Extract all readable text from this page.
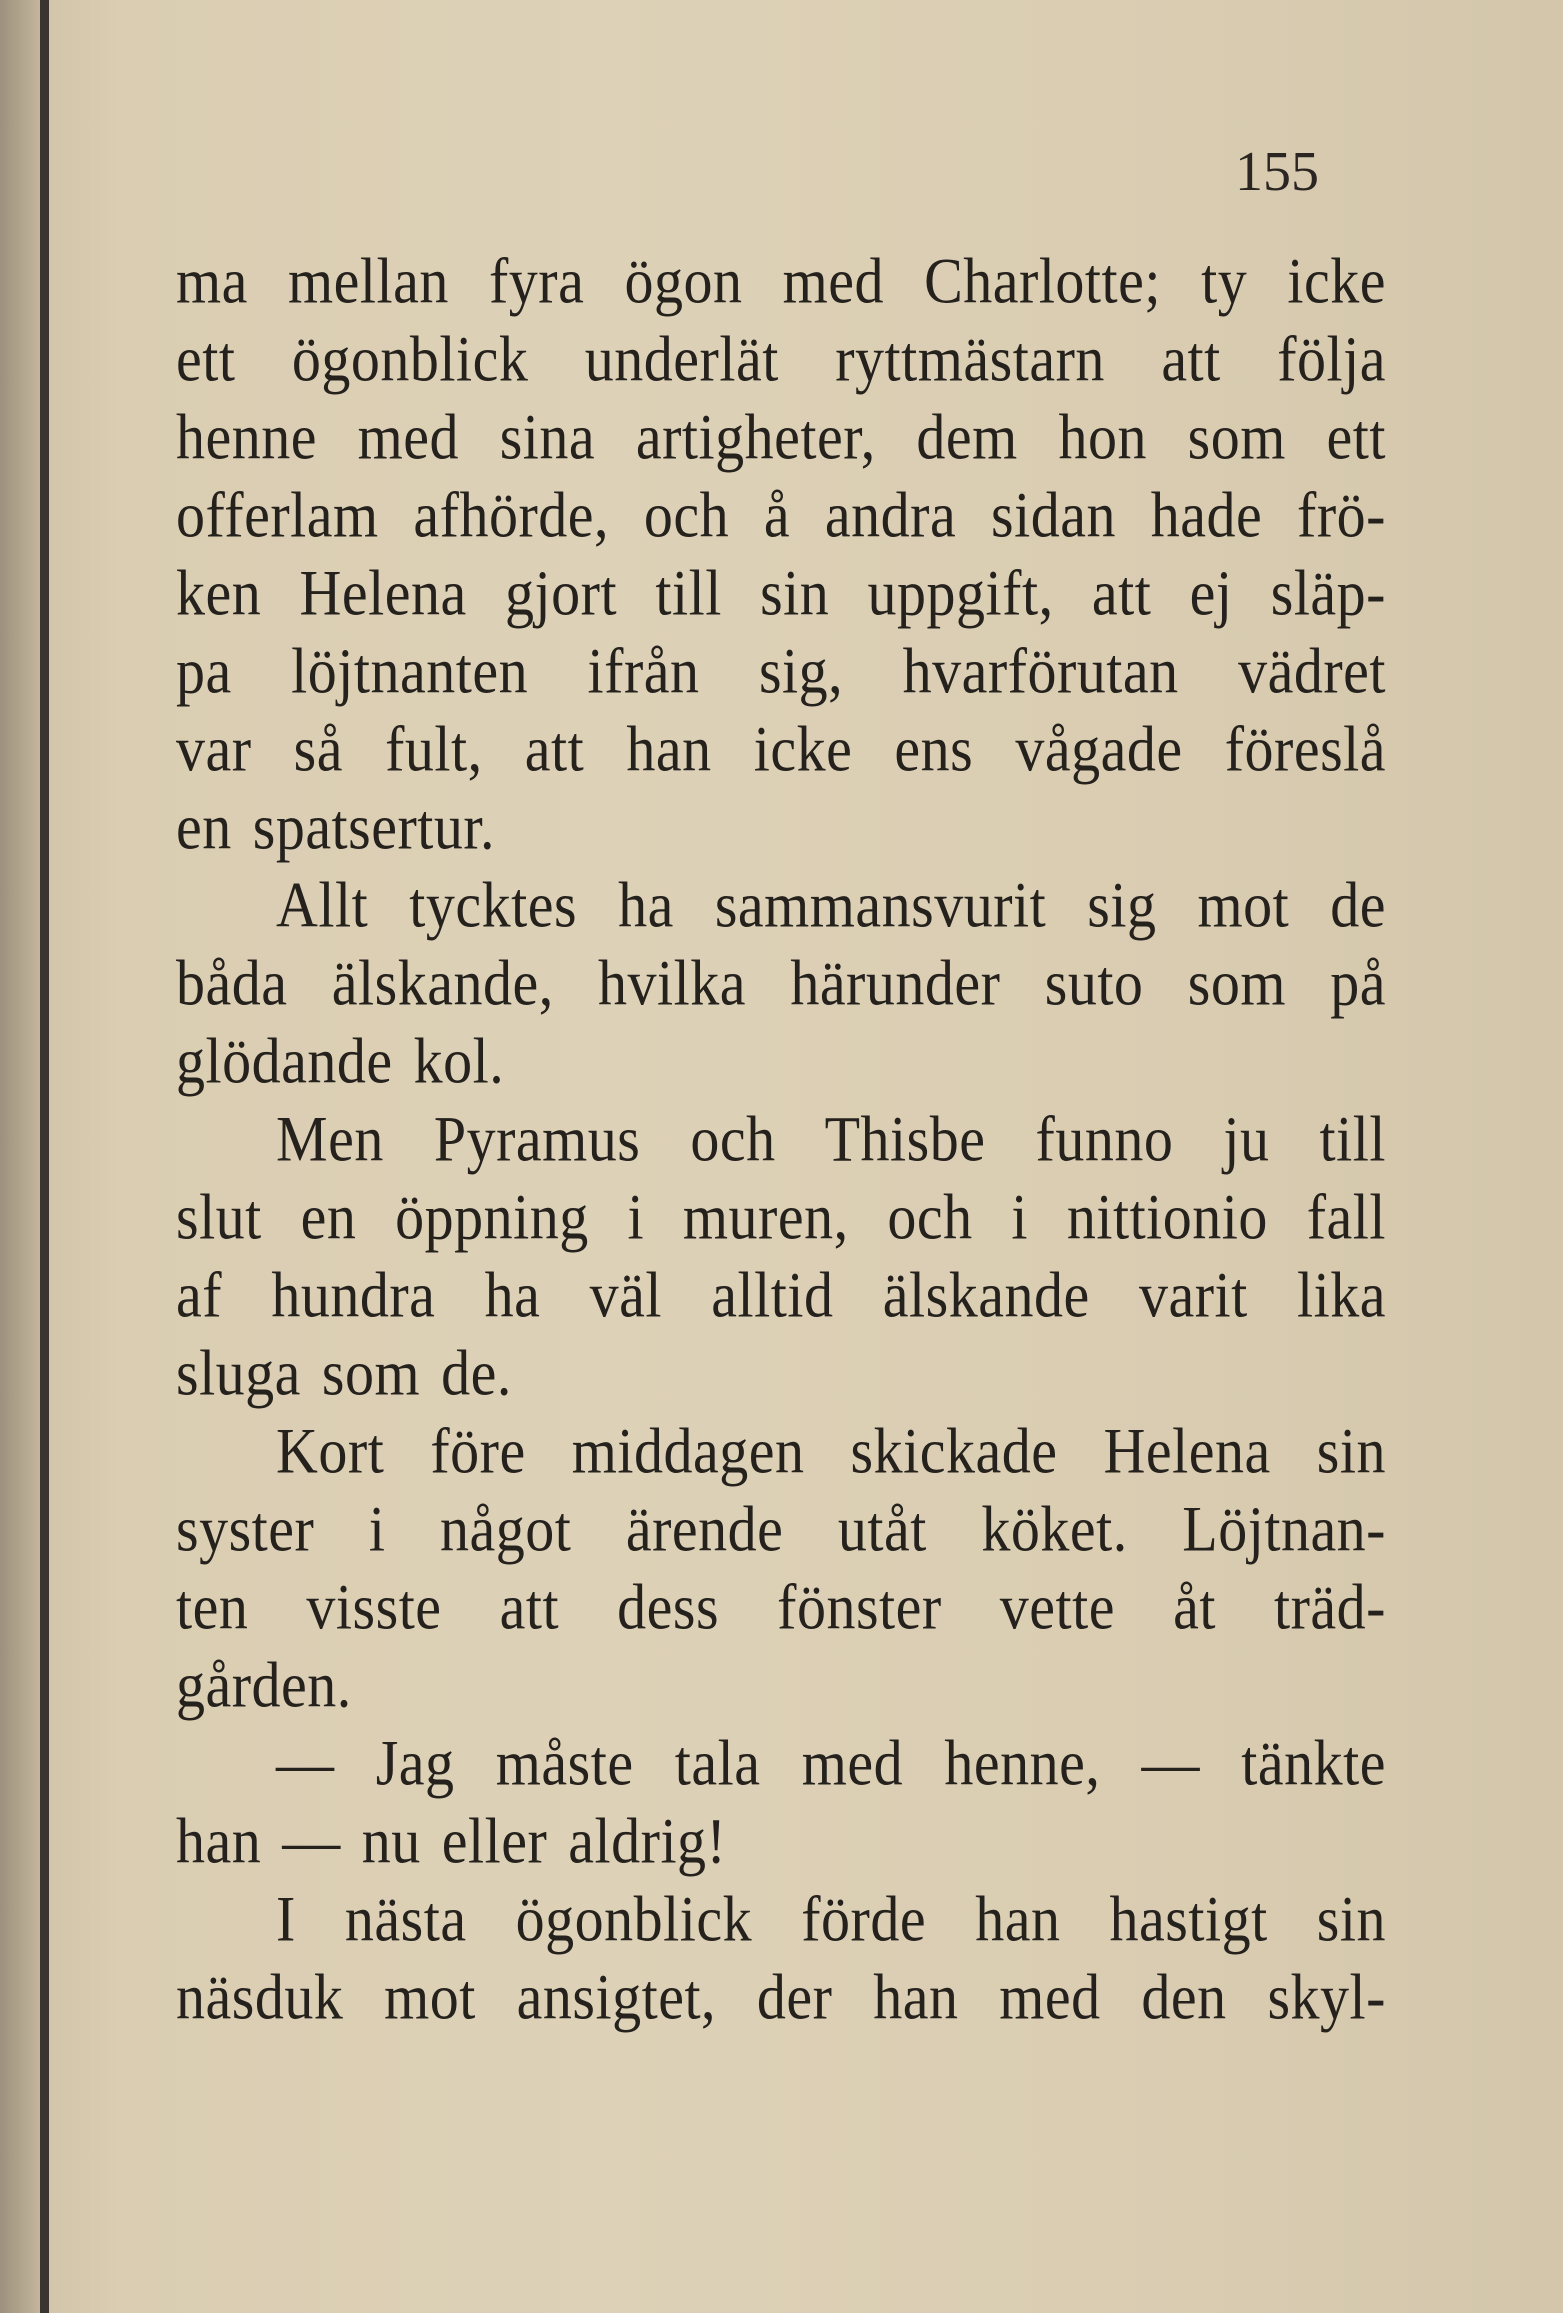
155
ma mellan fyra ögon med Charlotte; ty icke
ett ögonblick underlät ryttmästarn att följa
henne med sina artigheter, dem hon som ett
offerlam afhörde, och å andra sidan hade frö-
ken Helena gjort till sin uppgift, att ej släp-
pa löjtnanten ifrån sig, hvarförutan vädret
var så fult, att han icke ens vågade föreslå
en spatsertur.
Allt tycktes ha sammansvurit sig mot de
båda älskande, hvilka härunder suto som på
glödande kol.
Men Pyramus och Thisbe funno ju till
slut en öppning i muren, och i nittionio fall
af hundra ha väl alltid älskande varit lika
sluga som de.
Kort före middagen skickade Helena sin
syster i något ärende utåt köket. Löjtnan-
ten visste att dess fönster vette åt träd-
gården.
— Jag måste tala med henne, — tänkte
han — nu eller aldrig!
I nästa ögonblick förde han hastigt sin
näsduk mot ansigtet, der han med den skyl-
